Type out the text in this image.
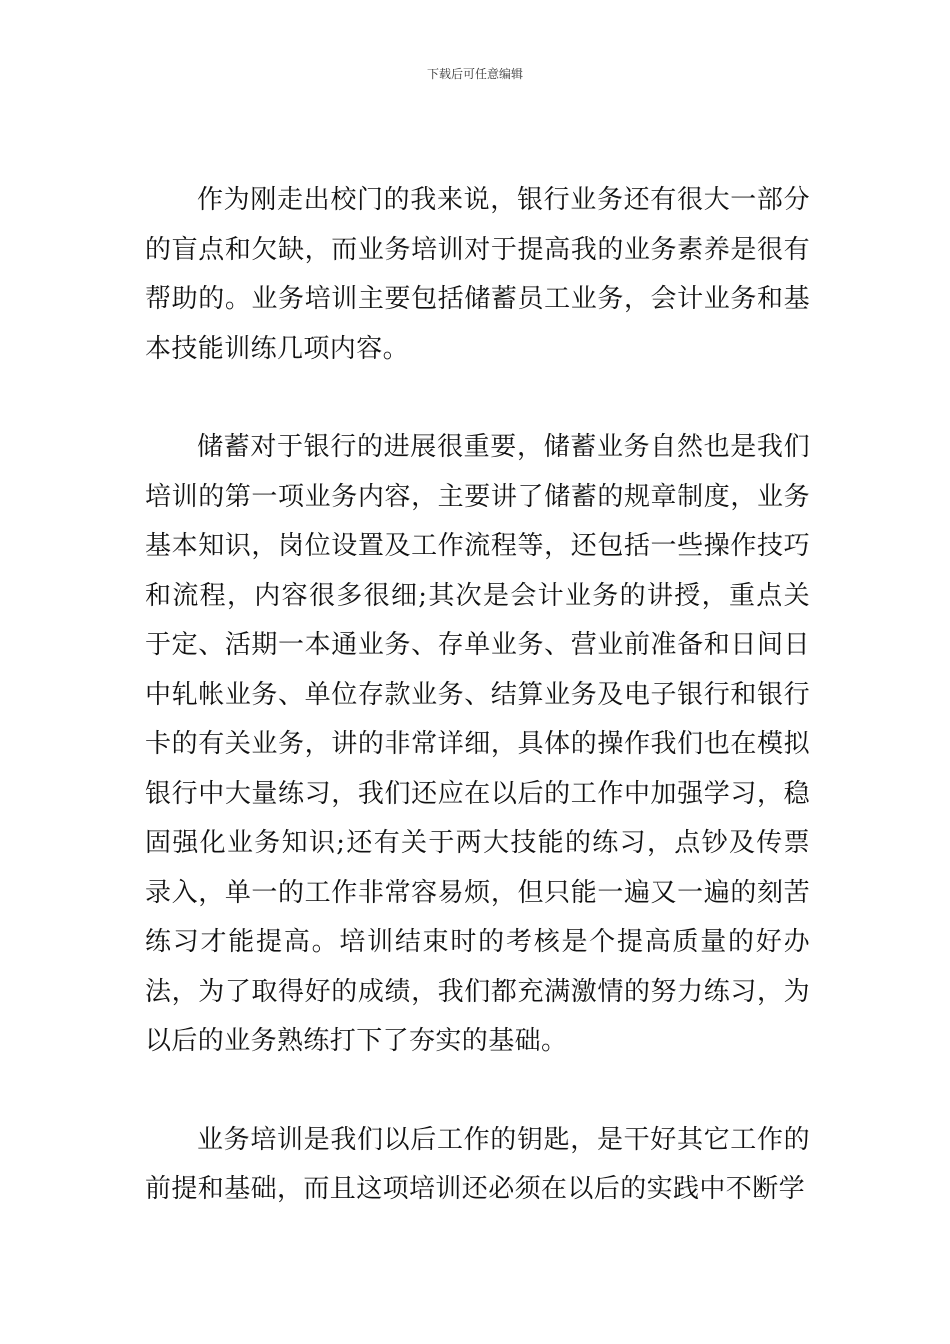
下载后可任意编辑

作为刚走出校门的我来说，银行业务还有很大一部分的盲点和欠缺，而业务培训对于提高我的业务素养是很有帮助的。业务培训主要包括储蓄员工业务，会计业务和基本技能训练几项内容。

储蓄对于银行的进展很重要，储蓄业务自然也是我们培训的第一项业务内容，主要讲了储蓄的规章制度，业务基本知识，岗位设置及工作流程等，还包括一些操作技巧和流程，内容很多很细;其次是会计业务的讲授，重点关于定、活期一本通业务、存单业务、营业前准备和日间日中轧帐业务、单位存款业务、结算业务及电子银行和银行卡的有关业务，讲的非常详细，具体的操作我们也在模拟银行中大量练习，我们还应在以后的工作中加强学习，稳固强化业务知识;还有关于两大技能的练习，点钞及传票录入，单一的工作非常容易烦，但只能一遍又一遍的刻苦练习才能提高。培训结束时的考核是个提高质量的好办法，为了取得好的成绩，我们都充满激情的努力练习，为以后的业务熟练打下了夯实的基础。

业务培训是我们以后工作的钥匙，是干好其它工作的前提和基础，而且这项培训还必须在以后的实践中不断学
